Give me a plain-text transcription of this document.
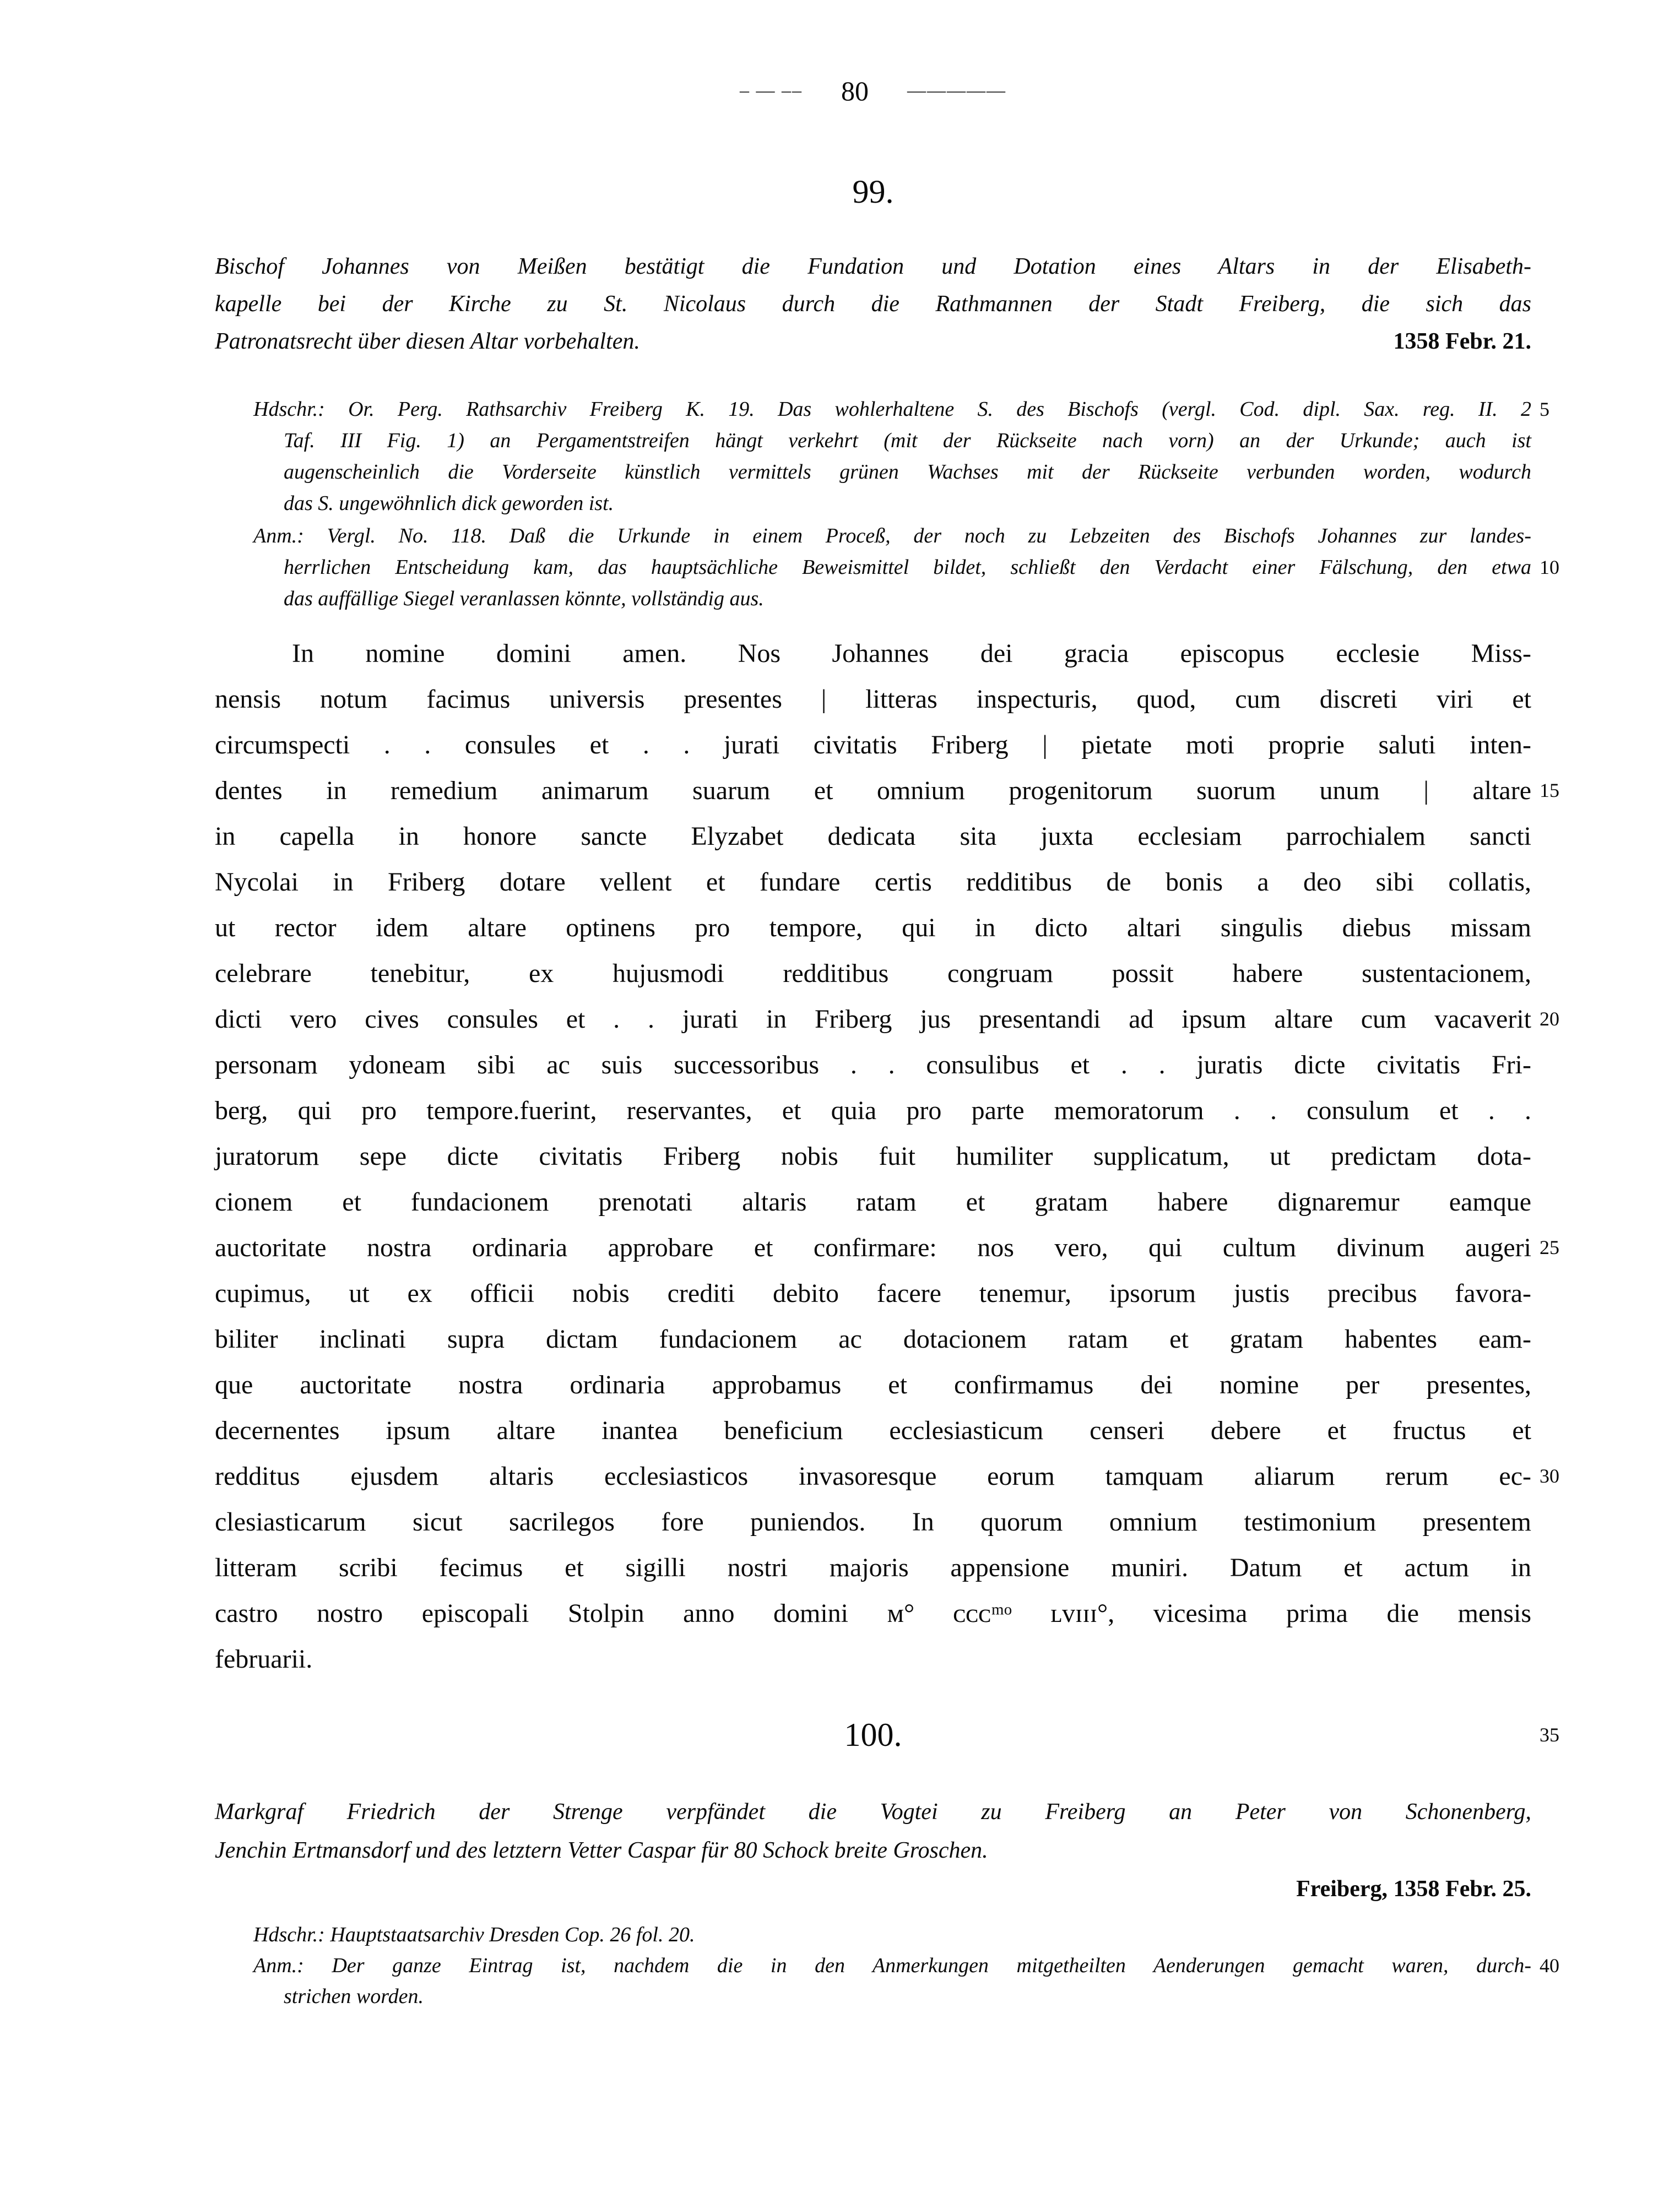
– — –– 80 —————
99.
Bischof Johannes von Meißen bestätigt die Fundation und Dotation eines Altars in der Elisabeth-
kapelle bei der Kirche zu St. Nicolaus durch die Rathmannen der Stadt Freiberg, die sich das
Patronatsrecht über diesen Altar vorbehalten.	1358 Febr. 21.
Hdschr.: Or. Perg. Rathsarchiv Freiberg K. 19. Das wohlerhaltene S. des Bischofs (vergl. Cod. dipl. Sax. reg. II. 2 5
Taf. III Fig. 1) an Pergamentstreifen hängt verkehrt (mit der Rückseite nach vorn) an der Urkunde; auch ist
augenscheinlich die Vorderseite künstlich vermittels grünen Wachses mit der Rückseite verbunden worden, wodurch
das S. ungewöhnlich dick geworden ist.
Anm.: Vergl. No. 118. Daß die Urkunde in einem Proceß, der noch zu Lebzeiten des Bischofs Johannes zur landes-
herrlichen Entscheidung kam, das hauptsächliche Beweismittel bildet, schließt den Verdacht einer Fälschung, den etwa 10
das auffällige Siegel veranlassen könnte, vollständig aus.
In nomine domini amen. Nos Johannes dei gracia episcopus ecclesie Miss-
nensis notum facimus universis presentes | litteras inspecturis, quod, cum discreti viri et
circumspecti . . consules et . . jurati civitatis Friberg | pietate moti proprie saluti inten-
dentes in remedium animarum suarum et omnium progenitorum suorum unum | altare 15
in capella in honore sancte Elyzabet dedicata sita juxta ecclesiam parrochialem sancti
Nycolai in Friberg dotare vellent et fundare certis redditibus de bonis a deo sibi collatis,
ut rector idem altare optinens pro tempore, qui in dicto altari singulis diebus missam
celebrare tenebitur, ex hujusmodi redditibus congruam possit habere sustentacionem,
dicti vero cives consules et . . jurati in Friberg jus presentandi ad ipsum altare cum vacaverit 20
personam ydoneam sibi ac suis successoribus . . consulibus et . . juratis dicte civitatis Fri-
berg, qui pro tempore.fuerint, reservantes, et quia pro parte memoratorum . . consulum et . .
juratorum sepe dicte civitatis Friberg nobis fuit humiliter supplicatum, ut predictam dota-
cionem et fundacionem prenotati altaris ratam et gratam habere dignaremur eamque
auctoritate nostra ordinaria approbare et confirmare: nos vero, qui cultum divinum augeri 25
cupimus, ut ex officii nobis crediti debito facere tenemur, ipsorum justis precibus favora-
biliter inclinati supra dictam fundacionem ac dotacionem ratam et gratam habentes eam-
que auctoritate nostra ordinaria approbamus et confirmamus dei nomine per presentes,
decernentes ipsum altare inantea beneficium ecclesiasticum censeri debere et fructus et
redditus ejusdem altaris ecclesiasticos invasoresque eorum tamquam aliarum rerum ec- 30
clesiasticarum sicut sacrilegos fore puniendos. In quorum omnium testimonium presentem
litteram scribi fecimus et sigilli nostri majoris appensione muniri. Datum et actum in
castro nostro episcopali Stolpin anno domini ᴍ° ᴄᴄᴄᵐᵒ ʟᴠɪɪɪ°, vicesima prima die mensis
februarii.
100.	35
Markgraf Friedrich der Strenge verpfändet die Vogtei zu Freiberg an Peter von Schonenberg,
Jenchin Ertmansdorf und des letztern Vetter Caspar für 80 Schock breite Groschen.
Freiberg, 1358 Febr. 25.
Hdschr.: Hauptstaatsarchiv Dresden Cop. 26 fol. 20.
Anm.: Der ganze Eintrag ist, nachdem die in den Anmerkungen mitgetheilten Aenderungen gemacht waren, durch- 40
strichen worden.
